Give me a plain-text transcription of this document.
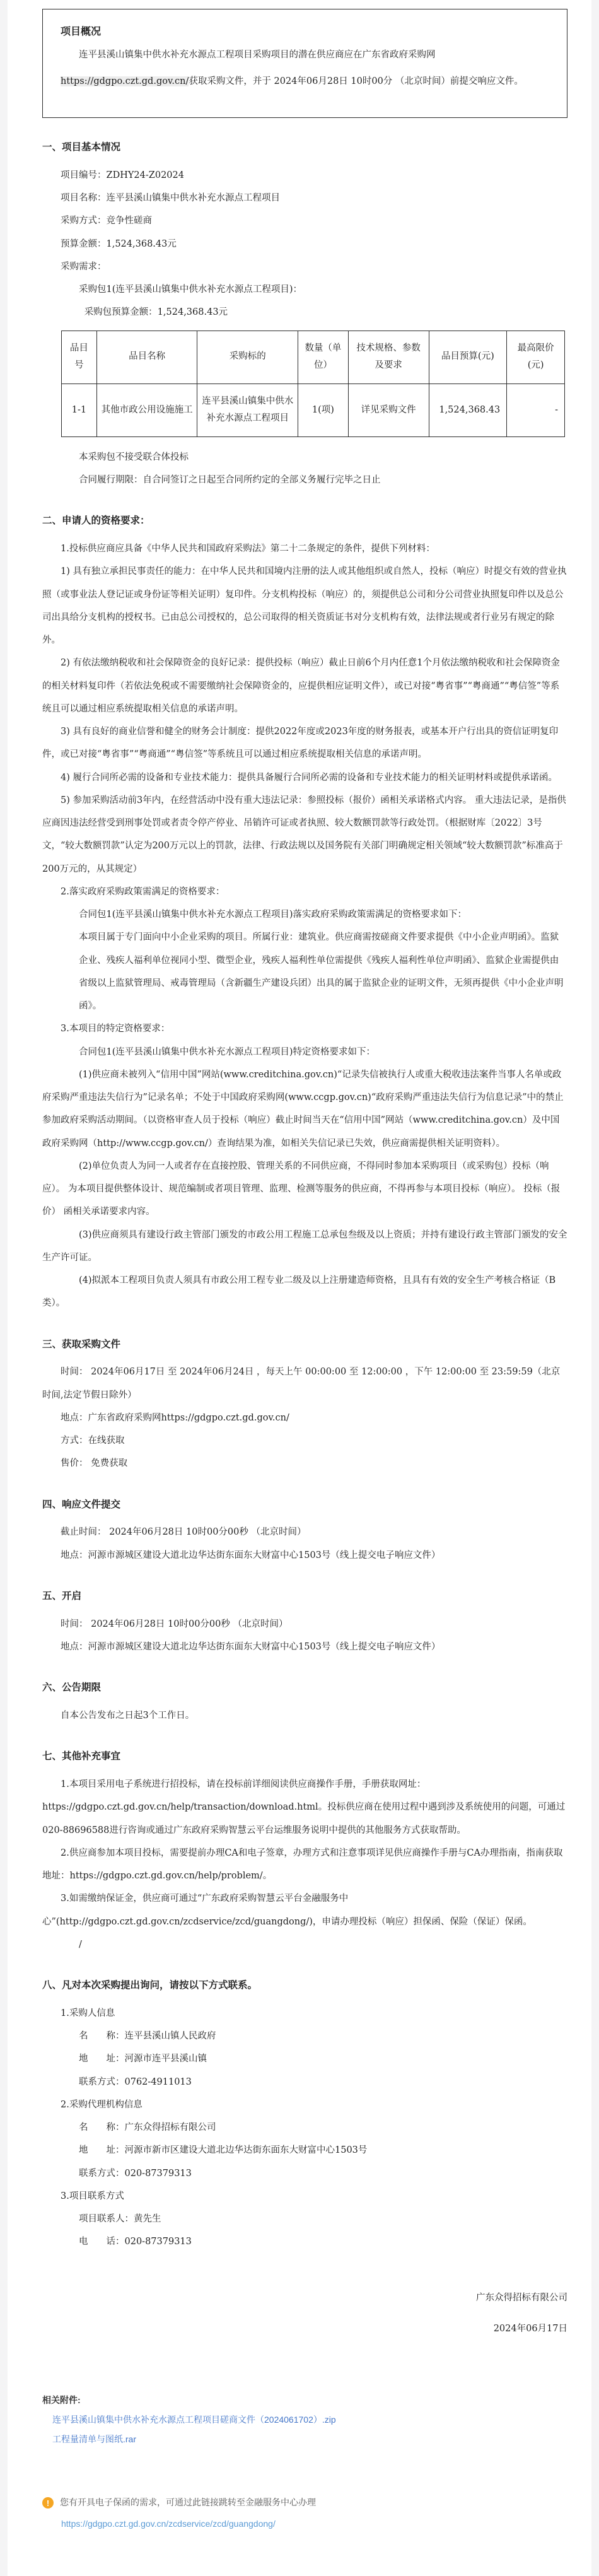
项目概况

连平县溪山镇集中供水补充水源点工程项目采购项目的潜在供应商应在广东省政府采购网https://gdgpo.czt.gd.gov.cn/获取采购文件，并于 2024年06月28日 10时00分 （北京时间）前提交响应文件。

一、项目基本情况

项目编号：ZDHY24-Z02024

项目名称：连平县溪山镇集中供水补充水源点工程项目

采购方式：竞争性磋商

预算金额：1,524,368.43元

采购需求：

采购包1(连平县溪山镇集中供水补充水源点工程项目)：

采购包预算金额：1,524,368.43元

品目号	品目名称	采购标的	数量（单位）	技术规格、参数及要求	品目预算(元)	最高限价(元)
1-1	其他市政公用设施施工	连平县溪山镇集中供水补充水源点工程项目	1(项)	详见采购文件	1,524,368.43	-

本采购包不接受联合体投标

合同履行期限：自合同签订之日起至合同所约定的全部义务履行完毕之日止

二、申请人的资格要求：

1.投标供应商应具备《中华人民共和国政府采购法》第二十二条规定的条件，提供下列材料：

1) 具有独立承担民事责任的能力：在中华人民共和国境内注册的法人或其他组织或自然人，投标（响应）时提交有效的营业执照（或事业法人登记证或身份证等相关证明）复印件。分支机构投标（响应）的，须提供总公司和分公司营业执照复印件以及总公司出具给分支机构的授权书。已由总公司授权的，总公司取得的相关资质证书对分支机构有效，法律法规或者行业另有规定的除外。

2) 有依法缴纳税收和社会保障资金的良好记录：提供投标（响应）截止日前6个月内任意1个月依法缴纳税收和社会保障资金的相关材料复印件（若依法免税或不需要缴纳社会保障资金的，应提供相应证明文件），或已对接“粤省事”“粤商通”“粤信签”等系统且可以通过相应系统提取相关信息的承诺声明。

3) 具有良好的商业信誉和健全的财务会计制度：提供2022年度或2023年度的财务报表，或基本开户行出具的资信证明复印件，或已对接“粤省事”“粤商通”“粤信签”等系统且可以通过相应系统提取相关信息的承诺声明。

4) 履行合同所必需的设备和专业技术能力：提供具备履行合同所必需的设备和专业技术能力的相关证明材料或提供承诺函。

5) 参加采购活动前3年内，在经营活动中没有重大违法记录：参照投标（报价）函相关承诺格式内容。 重大违法记录，是指供应商因违法经营受到刑事处罚或者责令停产停业、吊销许可证或者执照、较大数额罚款等行政处罚。（根据财库〔2022〕3号文，“较大数额罚款”认定为200万元以上的罚款，法律、行政法规以及国务院有关部门明确规定相关领域“较大数额罚款”标准高于200万元的，从其规定）

2.落实政府采购政策需满足的资格要求：

合同包1(连平县溪山镇集中供水补充水源点工程项目)落实政府采购政策需满足的资格要求如下：

本项目属于专门面向中小企业采购的项目。所属行业：建筑业。供应商需按磋商文件要求提供《中小企业声明函》。监狱企业、残疾人福利单位视同小型、微型企业，残疾人福利性单位需提供《残疾人福利性单位声明函》、监狱企业需提供由省级以上监狱管理局、戒毒管理局（含新疆生产建设兵团）出具的属于监狱企业的证明文件，无须再提供《中小企业声明函》。

3.本项目的特定资格要求：

合同包1(连平县溪山镇集中供水补充水源点工程项目)特定资格要求如下：

(1)供应商未被列入“信用中国”网站(www.creditchina.gov.cn)“记录失信被执行人或重大税收违法案件当事人名单或政府采购严重违法失信行为”记录名单；不处于中国政府采购网(www.ccgp.gov.cn)“政府采购严重违法失信行为信息记录”中的禁止参加政府采购活动期间。（以资格审查人员于投标（响应）截止时间当天在“信用中国”网站（www.creditchina.gov.cn）及中国政府采购网（http://www.ccgp.gov.cn/）查询结果为准，如相关失信记录已失效，供应商需提供相关证明资料）。

(2)单位负责人为同一人或者存在直接控股、管理关系的不同供应商，不得同时参加本采购项目（或采购包）投标（响应）。 为本项目提供整体设计、规范编制或者项目管理、监理、检测等服务的供应商，不得再参与本项目投标（响应）。 投标（报价） 函相关承诺要求内容。

(3)供应商须具有建设行政主管部门颁发的市政公用工程施工总承包叁级及以上资质；并持有建设行政主管部门颁发的安全生产许可证。

(4)拟派本工程项目负责人须具有市政公用工程专业二级及以上注册建造师资格，且具有有效的安全生产考核合格证（B类）。

三、获取采购文件

时间： 2024年06月17日 至 2024年06月24日 ，每天上午 00:00:00 至 12:00:00 ，下午 12:00:00 至 23:59:59（北京时间,法定节假日除外）

地点：广东省政府采购网https://gdgpo.czt.gd.gov.cn/

方式：在线获取

售价： 免费获取

四、响应文件提交

截止时间： 2024年06月28日 10时00分00秒 （北京时间）

地点：河源市源城区建设大道北边华达街东面东大财富中心1503号（线上提交电子响应文件）

五、开启

时间： 2024年06月28日 10时00分00秒 （北京时间）

地点：河源市源城区建设大道北边华达街东面东大财富中心1503号（线上提交电子响应文件）

六、公告期限

自本公告发布之日起3个工作日。

七、其他补充事宜

1.本项目采用电子系统进行招投标，请在投标前详细阅读供应商操作手册，手册获取网址：https://gdgpo.czt.gd.gov.cn/help/transaction/download.html。投标供应商在使用过程中遇到涉及系统使用的问题，可通过020-88696588进行咨询或通过广东政府采购智慧云平台运维服务说明中提供的其他服务方式获取帮助。

2.供应商参加本项目投标，需要提前办理CA和电子签章，办理方式和注意事项详见供应商操作手册与CA办理指南，指南获取地址：https://gdgpo.czt.gd.gov.cn/help/problem/。

3.如需缴纳保证金，供应商可通过“广东政府采购智慧云平台金融服务中心”(http://gdgpo.czt.gd.gov.cn/zcdservice/zcd/guangdong/)，申请办理投标（响应）担保函、保险（保证）保函。

/

八、凡对本次采购提出询问，请按以下方式联系。

1.采购人信息

名　　称：连平县溪山镇人民政府

地　　址：河源市连平县溪山镇

联系方式：0762-4911013

2.采购代理机构信息

名　　称：广东众得招标有限公司

地　　址：河源市新市区建设大道北边华达街东面东大财富中心1503号

联系方式：020-87379313

3.项目联系方式

项目联系人：黄先生

电　　话：020-87379313

广东众得招标有限公司

2024年06月17日

相关附件:

连平县溪山镇集中供水补充水源点工程项目磋商文件（2024061702）.zip
工程量清单与图纸.rar
!	您有开具电子保函的需求，可通过此链接跳转至金融服务中心办理
https://gdgpo.czt.gd.gov.cn/zcdservice/zcd/guangdong/
